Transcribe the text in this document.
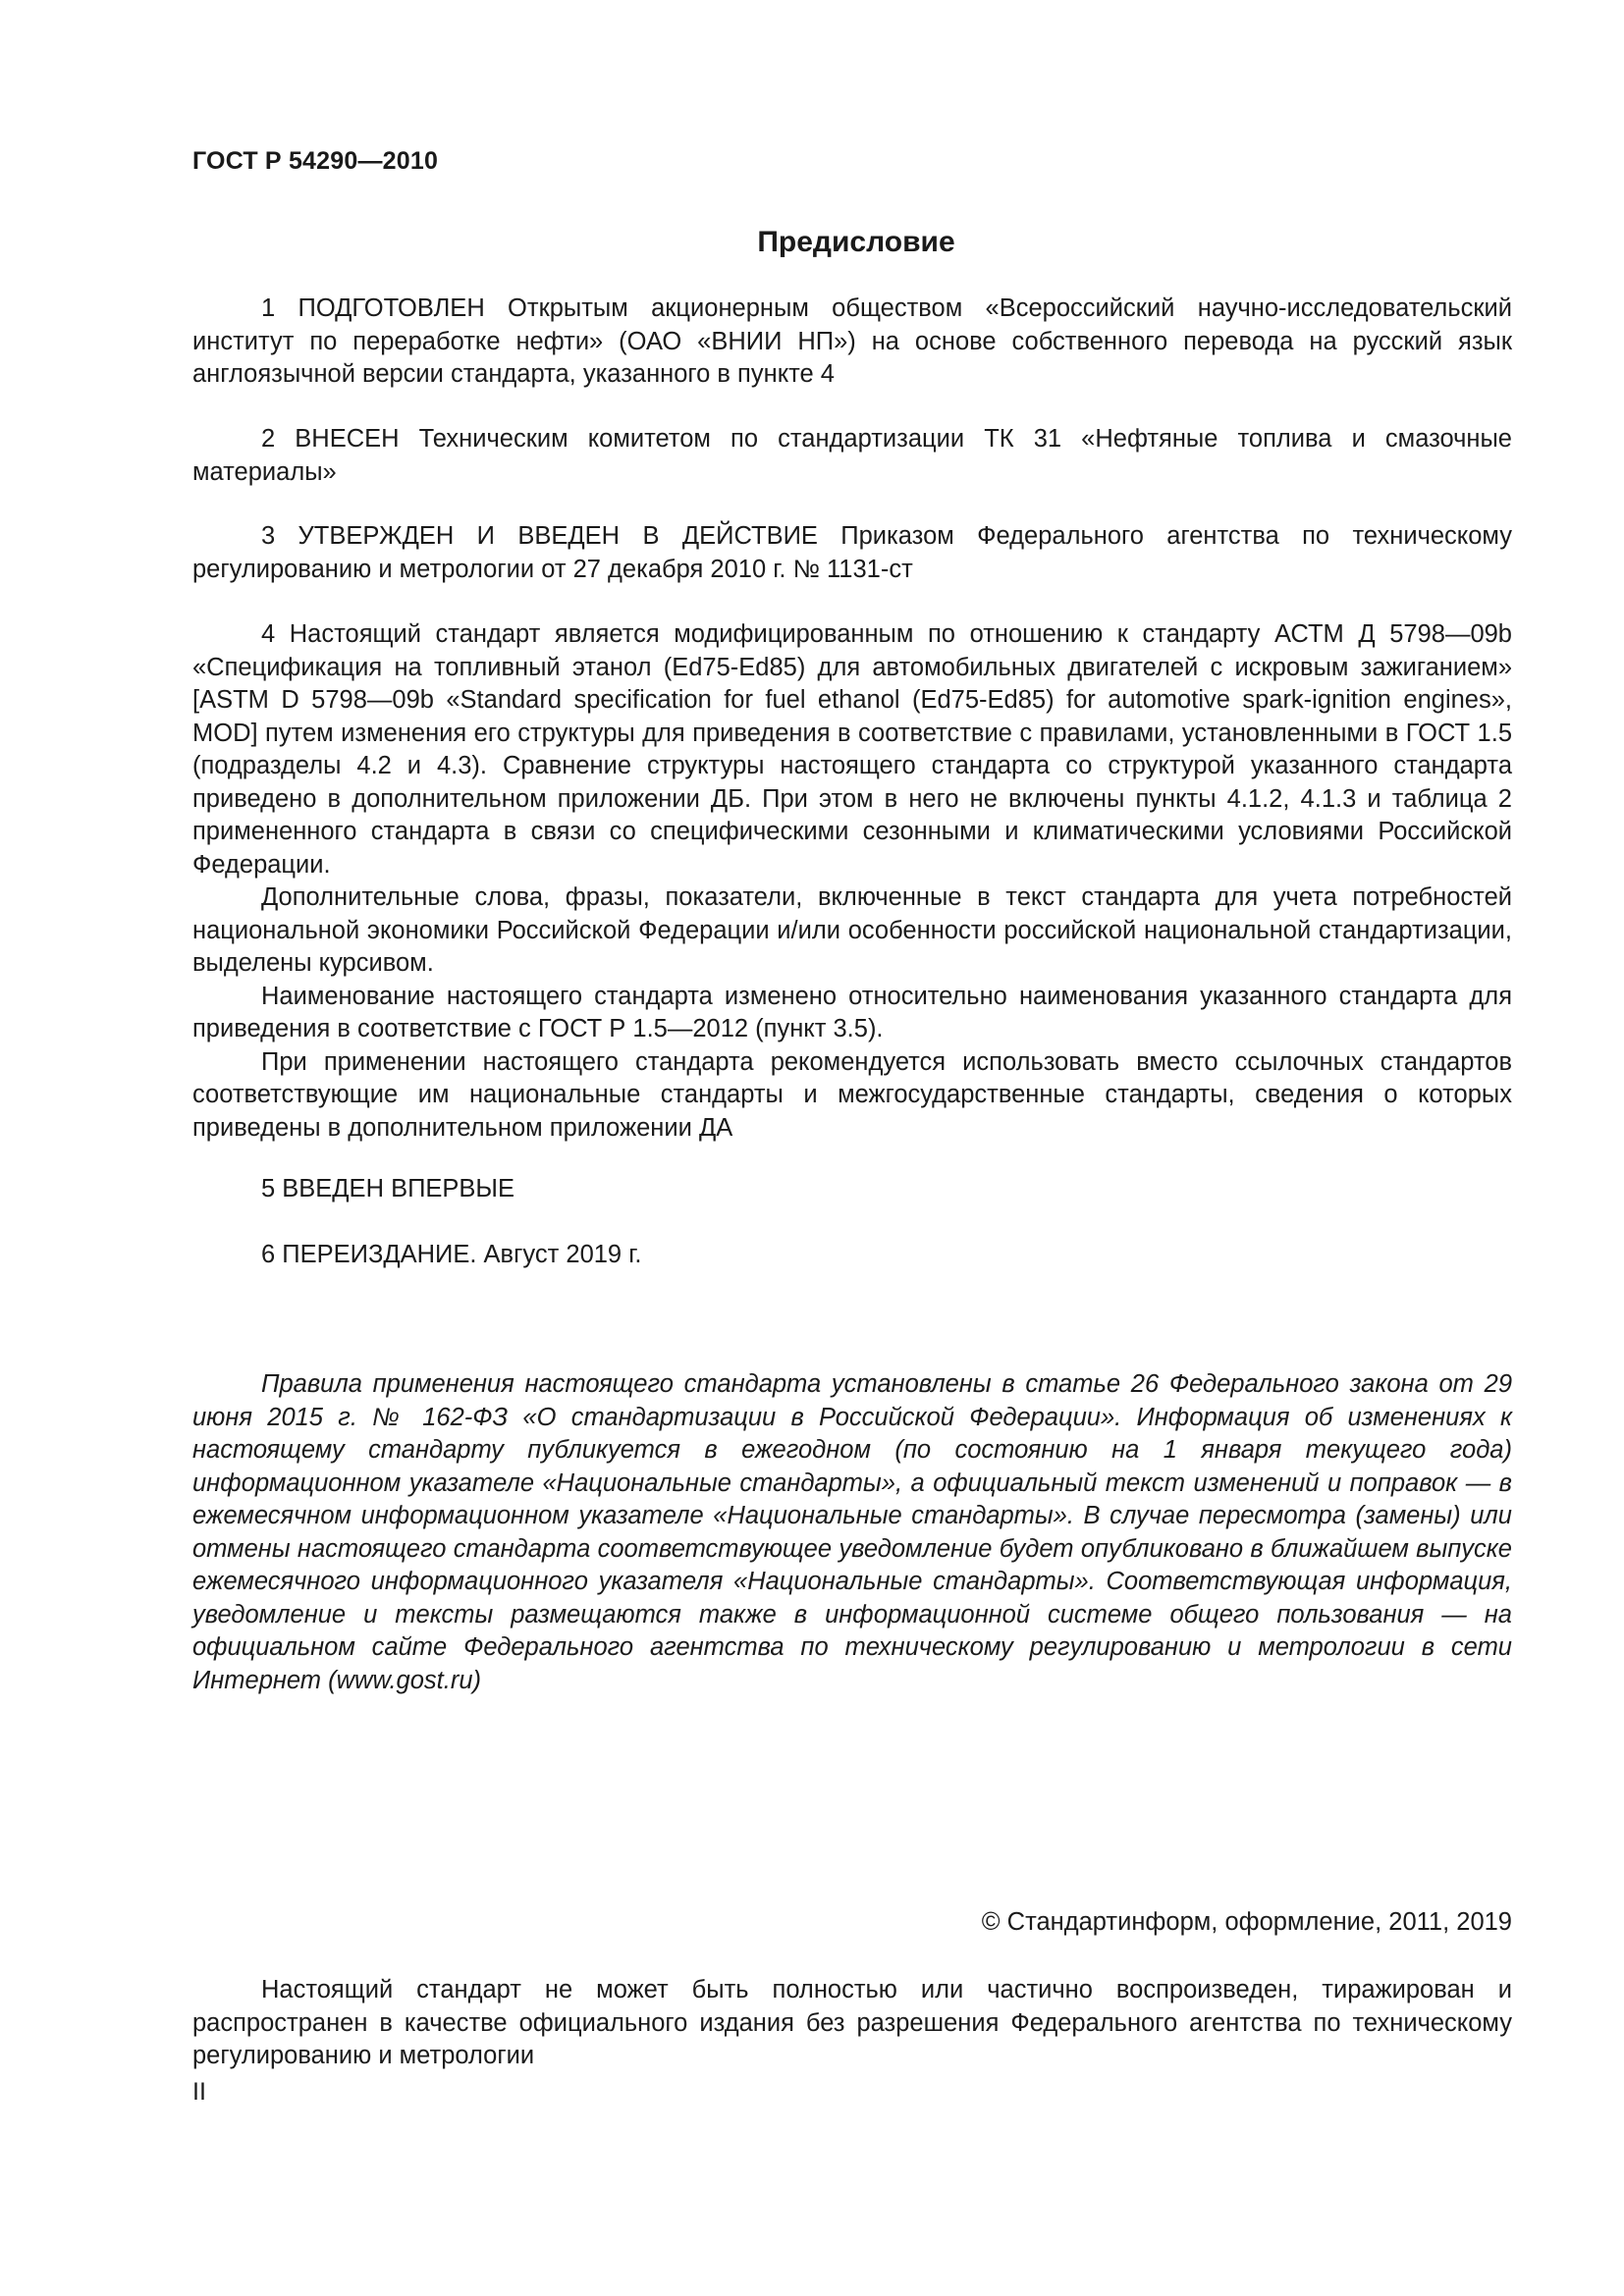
ГОСТ Р 54290—2010
Предисловие

1 ПОДГОТОВЛЕН Открытым акционерным обществом «Всероссийский научно-исследовательский институт по переработке нефти» (ОАО «ВНИИ НП») на основе собственного перевода на русский язык англоязычной версии стандарта, указанного в пункте 4

2 ВНЕСЕН Техническим комитетом по стандартизации ТК 31 «Нефтяные топлива и смазочные материалы»

3 УТВЕРЖДЕН И ВВЕДЕН В ДЕЙСТВИЕ Приказом Федерального агентства по техническому регулированию и метрологии от 27 декабря 2010 г. № 1131-ст

4 Настоящий стандарт является модифицированным по отношению к стандарту АСТМ Д 5798—09b «Спецификация на топливный этанол (Ed75-Ed85) для автомобильных двигателей с искровым зажиганием» [ASTM D 5798—09b «Standard specification for fuel ethanol (Ed75-Ed85) for automotive spark-ignition engines», MOD] путем изменения его структуры для приведения в соответствие с правилами, установленными в ГОСТ 1.5 (подразделы 4.2 и 4.3). Сравнение структуры настоящего стандарта со структурой указанного стандарта приведено в дополнительном приложении ДБ. При этом в него не включены пункты 4.1.2, 4.1.3 и таблица 2 примененного стандарта в связи со специфическими сезонными и климатическими условиями Российской Федерации.

Дополнительные слова, фразы, показатели, включенные в текст стандарта для учета потребностей национальной экономики Российской Федерации и/или особенности российской национальной стандартизации, выделены курсивом.

Наименование настоящего стандарта изменено относительно наименования указанного стандарта для приведения в соответствие с ГОСТ Р 1.5—2012 (пункт 3.5).

При применении настоящего стандарта рекомендуется использовать вместо ссылочных стандартов соответствующие им национальные стандарты и межгосударственные стандарты, сведения о которых приведены в дополнительном приложении ДА

5 ВВЕДЕН ВПЕРВЫЕ

6 ПЕРЕИЗДАНИЕ. Август 2019 г.

Правила применения настоящего стандарта установлены в статье 26 Федерального закона от 29 июня 2015 г. № 162-ФЗ «О стандартизации в Российской Федерации». Информация об изменениях к настоящему стандарту публикуется в ежегодном (по состоянию на 1 января текущего года) информационном указателе «Национальные стандарты», а официальный текст изменений и поправок — в ежемесячном информационном указателе «Национальные стандарты». В случае пересмотра (замены) или отмены настоящего стандарта соответствующее уведомление будет опубликовано в ближайшем выпуске ежемесячного информационного указателя «Национальные стандарты». Соответствующая информация, уведомление и тексты размещаются также в информационной системе общего пользования — на официальном сайте Федерального агентства по техническому регулированию и метрологии в сети Интернет (www.gost.ru)

© Стандартинформ, оформление, 2011, 2019

Настоящий стандарт не может быть полностью или частично воспроизведен, тиражирован и распространен в качестве официального издания без разрешения Федерального агентства по техническому регулированию и метрологии

II
